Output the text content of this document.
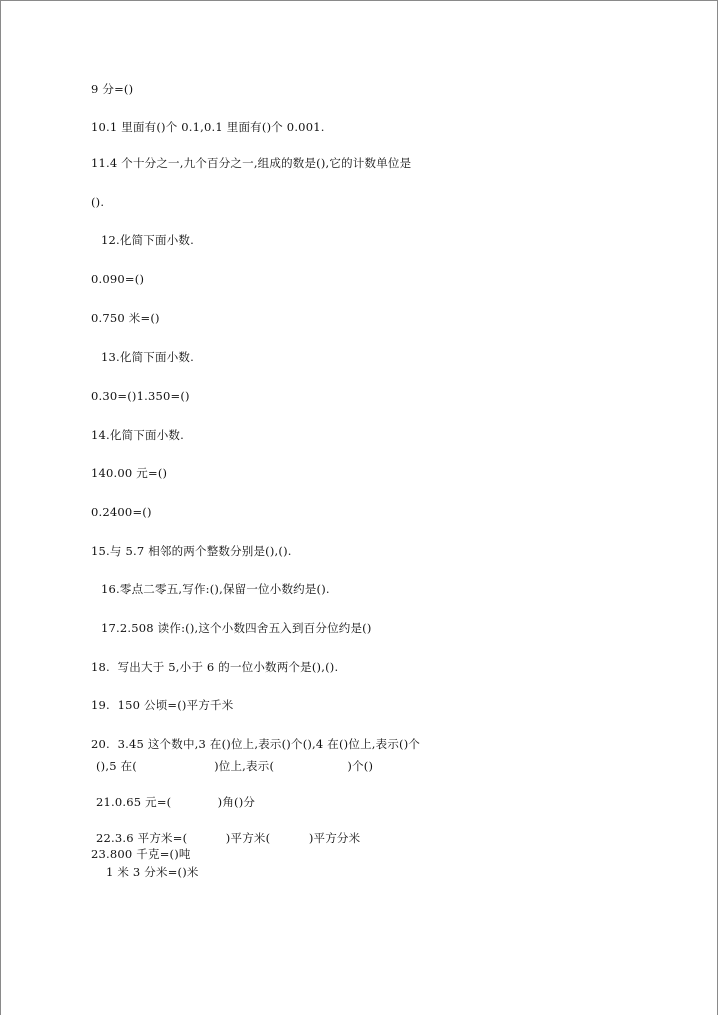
9 分=()
10.1 里面有()个 0.1,0.1 里面有()个 0.001.
11.4 个十分之一,九个百分之一,组成的数是(),它的计数单位是
().
12.化简下面小数.
0.090=()
0.750 米=()
13.化简下面小数.
0.30=()1.350=()
14.化简下面小数.
140.00 元=()
0.2400=()
15.与 5.7 相邻的两个整数分别是(),().
16.零点二零五,写作:(),保留一位小数约是().
17.2.508 读作:(),这个小数四舍五入到百分位约是()
18.  写出大于 5,小于 6 的一位小数两个是(),().
19.  150 公顷=()平方千米
20.  3.45 这个数中,3 在()位上,表示()个(),4 在()位上,表示()个
(),5 在(                    )位上,表示(                   )个()
21.0.65 元=(            )角()分
22.3.6 平方米=(          )平方米(          )平方分米
23.800 千克=()吨
1 米 3 分米=()米
